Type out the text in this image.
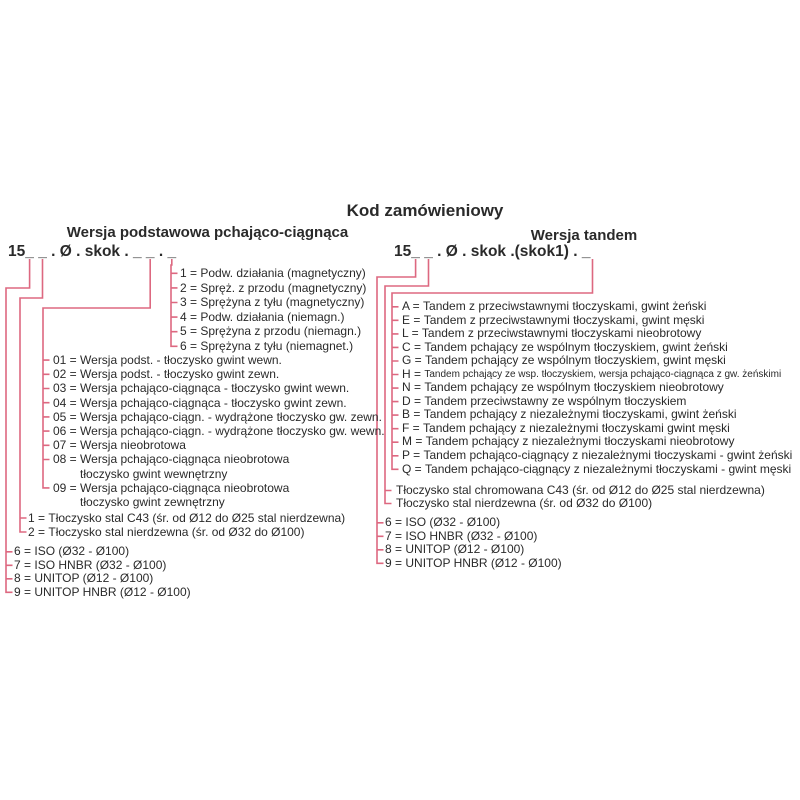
Kod zamówieniowy
Wersja podstawowa pchająco-ciągnąca	Wersja tandem
15_ _ . Ø . skok . _ _ . _	15_ _ . Ø . skok .(skok1) . _
1 = Podw. działania (magnetyczny)
2 = Spręż. z przodu (magnetyczny)
3 = Sprężyna z tyłu (magnetyczny)
4 = Podw. działania (niemagn.)
5 = Sprężyna z przodu (niemagn.)
6 = Sprężyna z tyłu (niemagnet.)
01 = Wersja podst. - tłoczysko gwint wewn.
02 = Wersja podst. - tłoczysko gwint zewn.
03 = Wersja pchająco-ciągnąca - tłoczysko gwint wewn.
04 = Wersja pchająco-ciągnąca - tłoczysko gwint zewn.
05 = Wersja pchająco-ciągn. - wydrążone tłoczysko gw. zewn.
06 = Wersja pchająco-ciągn. - wydrążone tłoczysko gw. wewn.
07 = Wersja nieobrotowa
08 = Wersja pchająco-ciągnąca nieobrotowa
tłoczysko gwint wewnętrzny
09 = Wersja pchająco-ciągnąca nieobrotowa
tłoczysko gwint zewnętrzny
1 = Tłoczysko stal C43 (śr. od Ø12 do Ø25 stal nierdzewna)
2 = Tłoczysko stal nierdzewna (śr. od Ø32 do Ø100)
6 = ISO (Ø32 - Ø100)
7 = ISO HNBR (Ø32 - Ø100)
8 = UNITOP (Ø12 - Ø100)
9 = UNITOP HNBR (Ø12 - Ø100)
A = Tandem z przeciwstawnymi tłoczyskami, gwint żeński
E = Tandem z przeciwstawnymi tłoczyskami, gwint męski
L = Tandem z przeciwstawnymi tłoczyskami nieobrotowy
C = Tandem pchający ze wspólnym tłoczyskiem, gwint żeński
G = Tandem pchający ze wspólnym tłoczyskiem, gwint męski
H = Tandem pchający ze wsp. tłoczyskiem, wersja pchająco-ciągnąca z gw. żeńskimi
N = Tandem pchający ze wspólnym tłoczyskiem nieobrotowy
D = Tandem przeciwstawny ze wspólnym tłoczyskiem
B = Tandem pchający z niezależnymi tłoczyskami, gwint żeński
F = Tandem pchający z niezależnymi tłoczyskami gwint męski
M = Tandem pchający z niezależnymi tłoczyskami nieobrotowy
P = Tandem pchająco-ciągnący z niezależnymi tłoczyskami - gwint żeński
Q = Tandem pchająco-ciągnący z niezależnymi tłoczyskami - gwint męski
Tłoczysko stal chromowana C43 (śr. od Ø12 do Ø25 stal nierdzewna)
Tłoczysko stal nierdzewna (śr. od Ø32 do Ø100)
6 = ISO (Ø32 - Ø100)
7 = ISO HNBR (Ø32 - Ø100)
8 = UNITOP (Ø12 - Ø100)
9 = UNITOP HNBR (Ø12 - Ø100)
